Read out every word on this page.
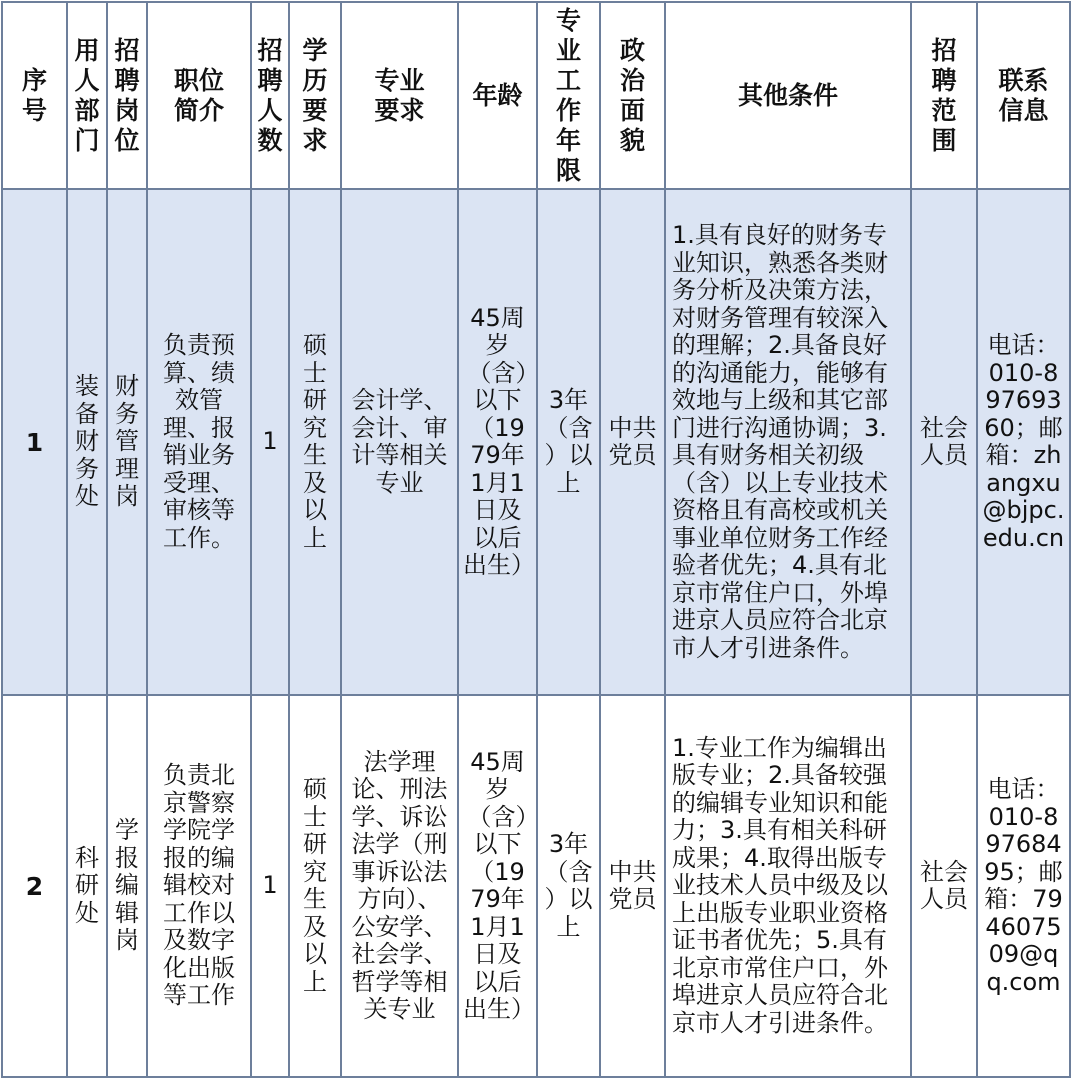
序号	用人部门	招聘岗位	职位简介	招聘人数	学历要求	专业要求	年龄	专业工作年限	政治面貌	其他条件	招聘范围	联系信息

1	装备财务处	财务管理岗	负责预算、绩效管理、报销业务受理、审核等工作。	1	硕士研究生及以上	会计学、会计、审计等相关专业	45周岁（含）以下（1979年1月1日及以后出生）	3年（含）以上	中共党员	1.具有良好的财务专业知识，熟悉各类财务分析及决策方法，对财务管理有较深入的理解；2.具备良好的沟通能力，能够有效地与上级和其它部门进行沟通协调；3.具有财务相关初级（含）以上专业技术资格且有高校或机关事业单位财务工作经验者优先；4.具有北京市常住户口，外埠进京人员应符合北京市人才引进条件。	社会人员	电话：010-89769360；邮箱：zhangxu@bjpc.edu.cn

2	科研处	学报编辑岗	负责北京警察学院学报的编辑校对工作以及数字化出版等工作	1	硕士研究生及以上	法学理论、刑法学、诉讼法学（刑事诉讼法方向）、公安学、社会学、哲学等相关专业	45周岁（含）以下（1979年1月1日及以后出生）	3年（含）以上	中共党员	1.专业工作为编辑出版专业；2.具备较强的编辑专业知识和能力；3.具有相关科研成果；4.取得出版专业技术人员中级及以上出版专业职业资格证书者优先；5.具有北京市常住户口，外埠进京人员应符合北京市人才引进条件。	社会人员	电话：010-89768495；邮箱：794607509@qq.com
